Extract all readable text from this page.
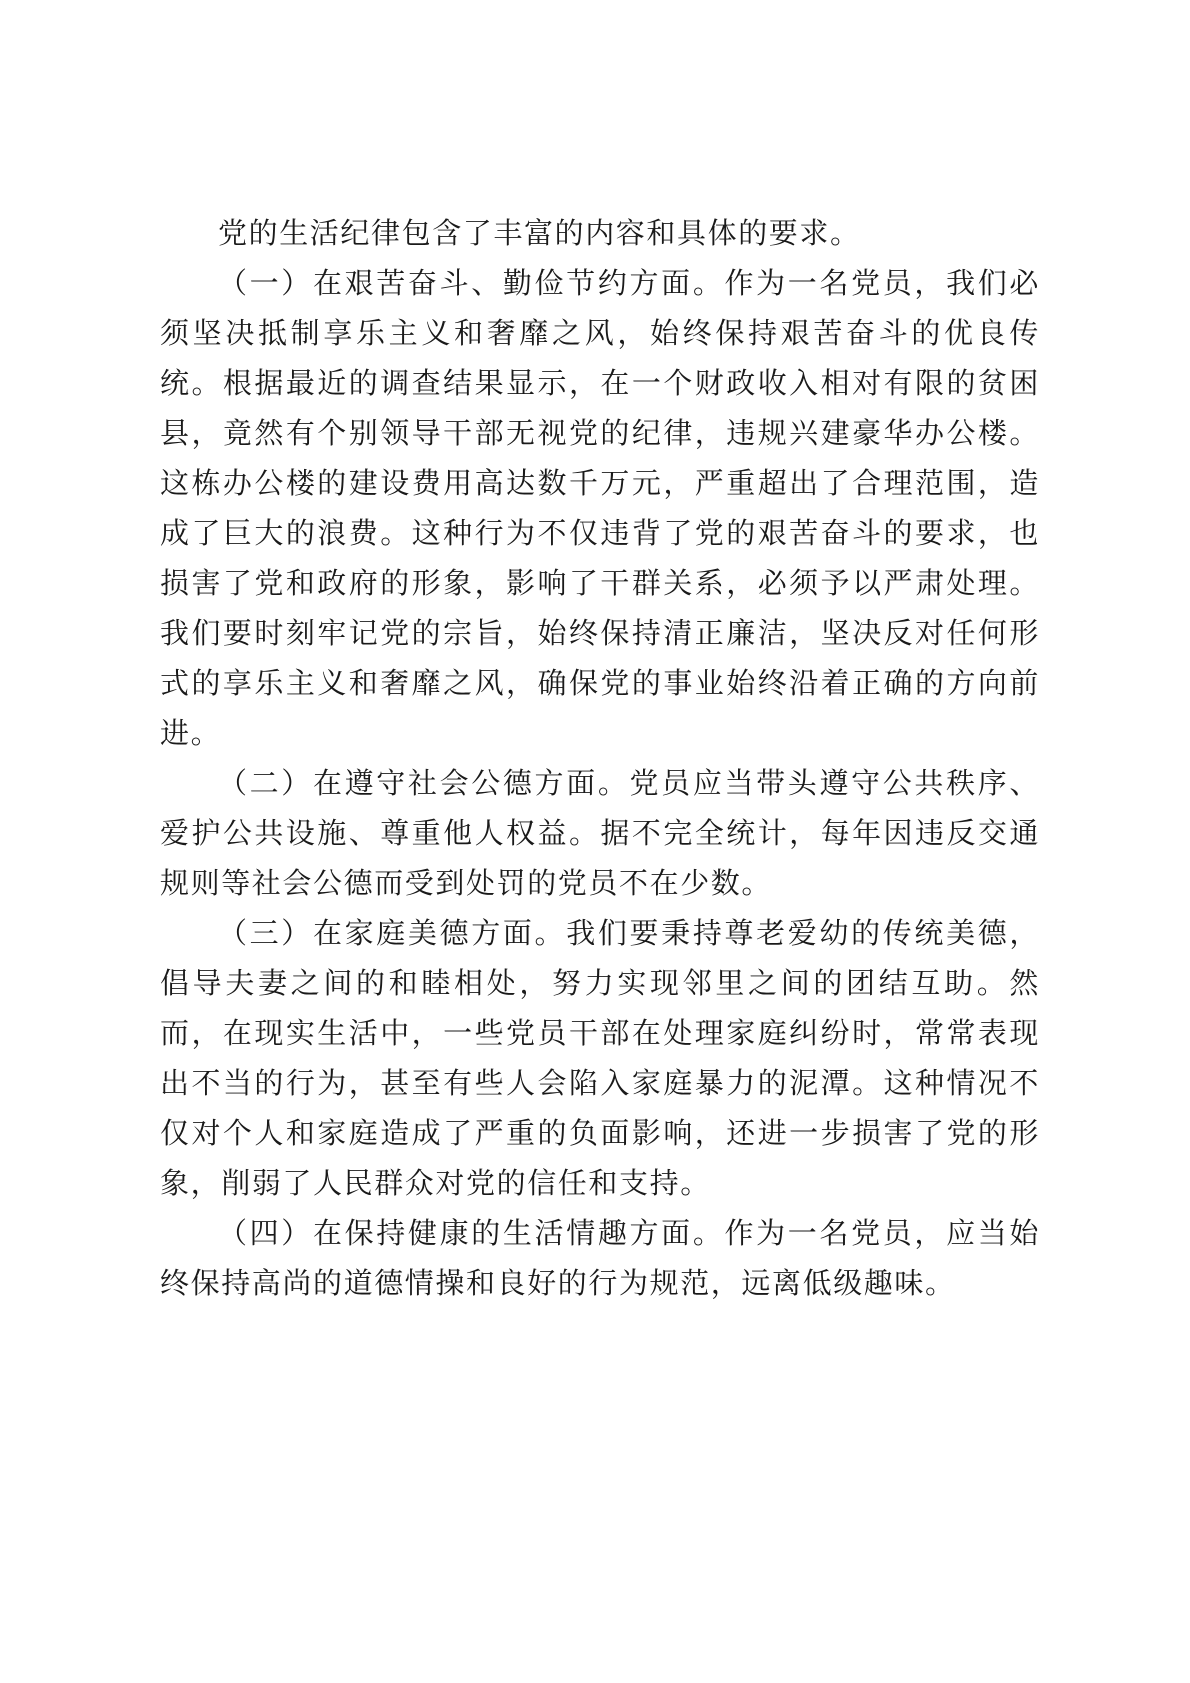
党的生活纪律包含了丰富的内容和具体的要求。

（一）在艰苦奋斗、勤俭节约方面。作为一名党员，我们必须坚决抵制享乐主义和奢靡之风，始终保持艰苦奋斗的优良传统。根据最近的调查结果显示，在一个财政收入相对有限的贫困县，竟然有个别领导干部无视党的纪律，违规兴建豪华办公楼。这栋办公楼的建设费用高达数千万元，严重超出了合理范围，造成了巨大的浪费。这种行为不仅违背了党的艰苦奋斗的要求，也损害了党和政府的形象，影响了干群关系，必须予以严肃处理。我们要时刻牢记党的宗旨，始终保持清正廉洁，坚决反对任何形式的享乐主义和奢靡之风，确保党的事业始终沿着正确的方向前进。

（二）在遵守社会公德方面。党员应当带头遵守公共秩序、爱护公共设施、尊重他人权益。据不完全统计，每年因违反交通规则等社会公德而受到处罚的党员不在少数。

（三）在家庭美德方面。我们要秉持尊老爱幼的传统美德，倡导夫妻之间的和睦相处，努力实现邻里之间的团结互助。然而，在现实生活中，一些党员干部在处理家庭纠纷时，常常表现出不当的行为，甚至有些人会陷入家庭暴力的泥潭。这种情况不仅对个人和家庭造成了严重的负面影响，还进一步损害了党的形象，削弱了人民群众对党的信任和支持。

（四）在保持健康的生活情趣方面。作为一名党员，应当始终保持高尚的道德情操和良好的行为规范，远离低级趣味。
